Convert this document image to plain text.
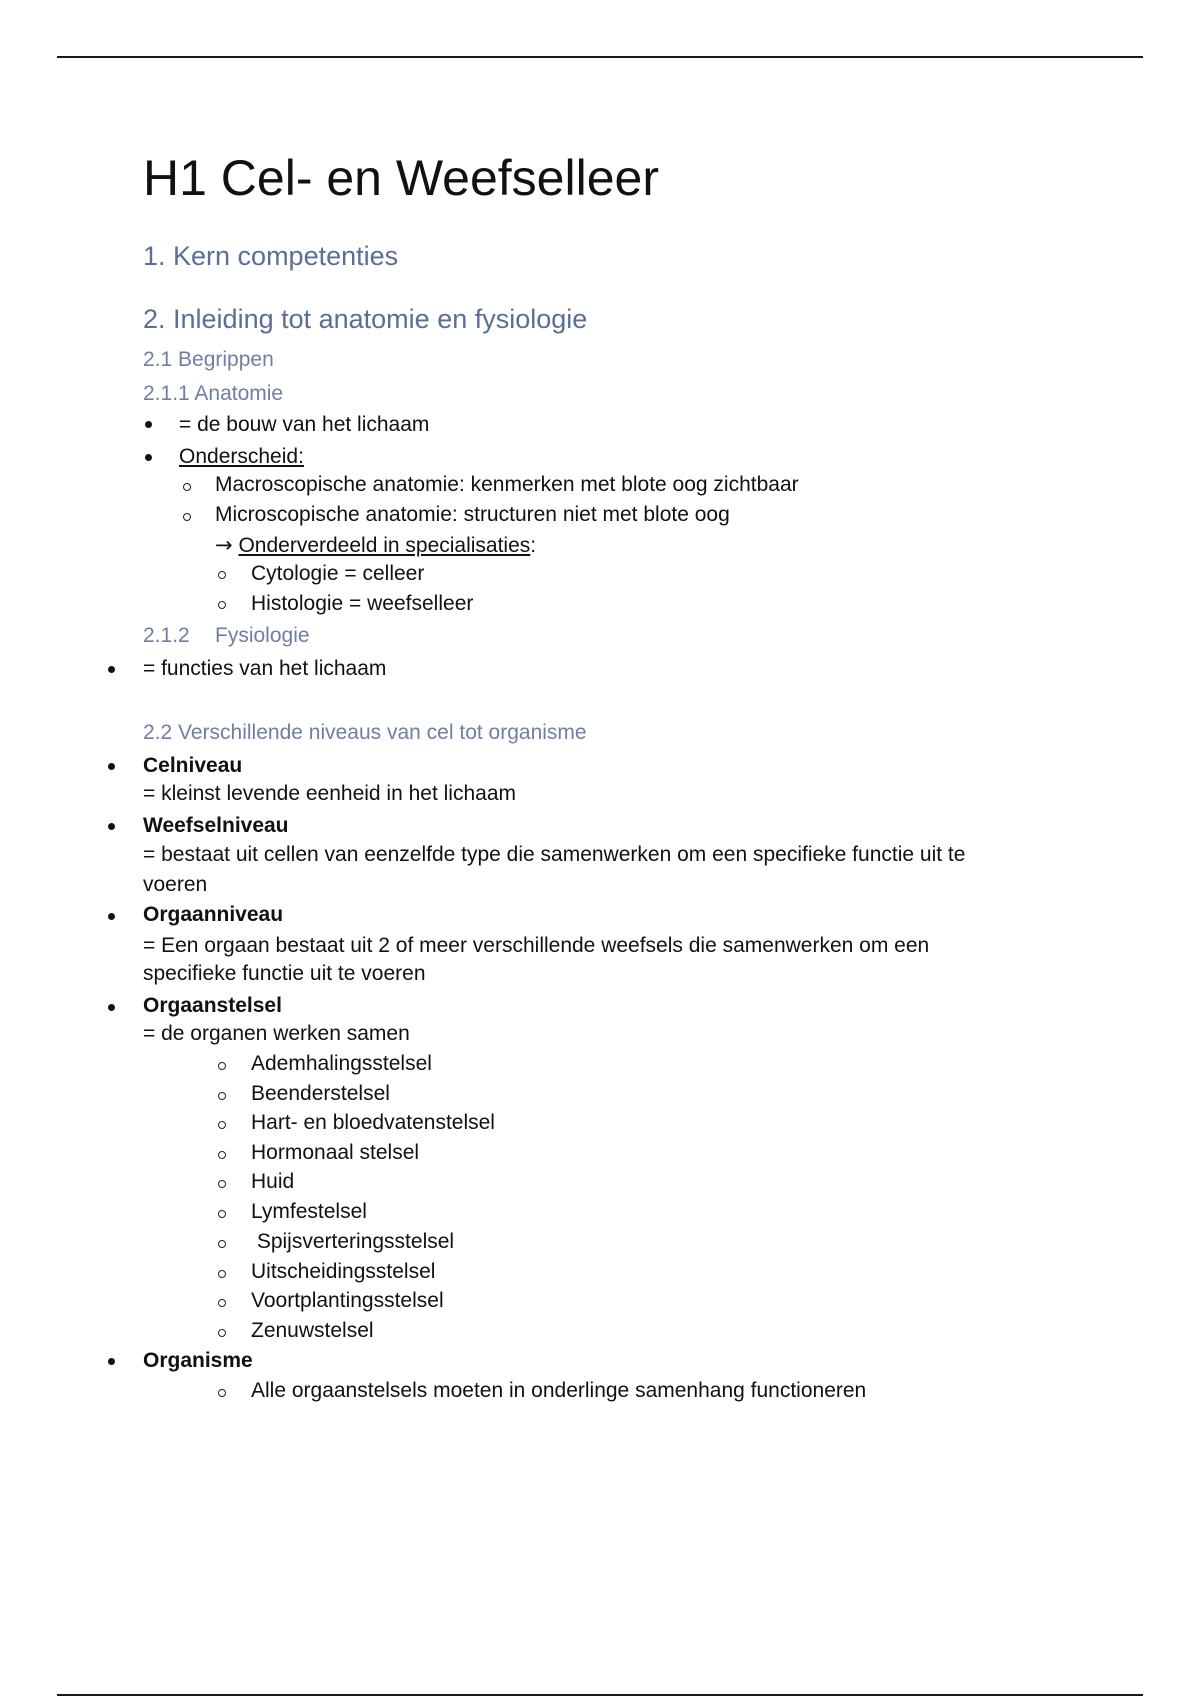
H1 Cel- en Weefselleer
1. Kern competenties
2. Inleiding tot anatomie en fysiologie
2.1 Begrippen
2.1.1 Anatomie
= de bouw van het lichaam
Onderscheid:
Macroscopische anatomie: kenmerken met blote oog zichtbaar
Microscopische anatomie: structuren niet met blote oog
→ Onderverdeeld in specialisaties:
Cytologie = celleer
Histologie = weefselleer
2.1.2 Fysiologie
= functies van het lichaam
2.2 Verschillende niveaus van cel tot organisme
Celniveau
= kleinst levende eenheid in het lichaam
Weefselniveau
= bestaat uit cellen van eenzelfde type die samenwerken om een specifieke functie uit te
voeren
Orgaanniveau
= Een orgaan bestaat uit 2 of meer verschillende weefsels die samenwerken om een
specifieke functie uit te voeren
Orgaanstelsel
= de organen werken samen
Ademhalingsstelsel
Beenderstelsel
Hart- en bloedvatenstelsel
Hormonaal stelsel
Huid
Lymfestelsel
Spijsverteringsstelsel
Uitscheidingsstelsel
Voortplantingsstelsel
Zenuwstelsel
Organisme
Alle orgaanstelsels moeten in onderlinge samenhang functioneren
